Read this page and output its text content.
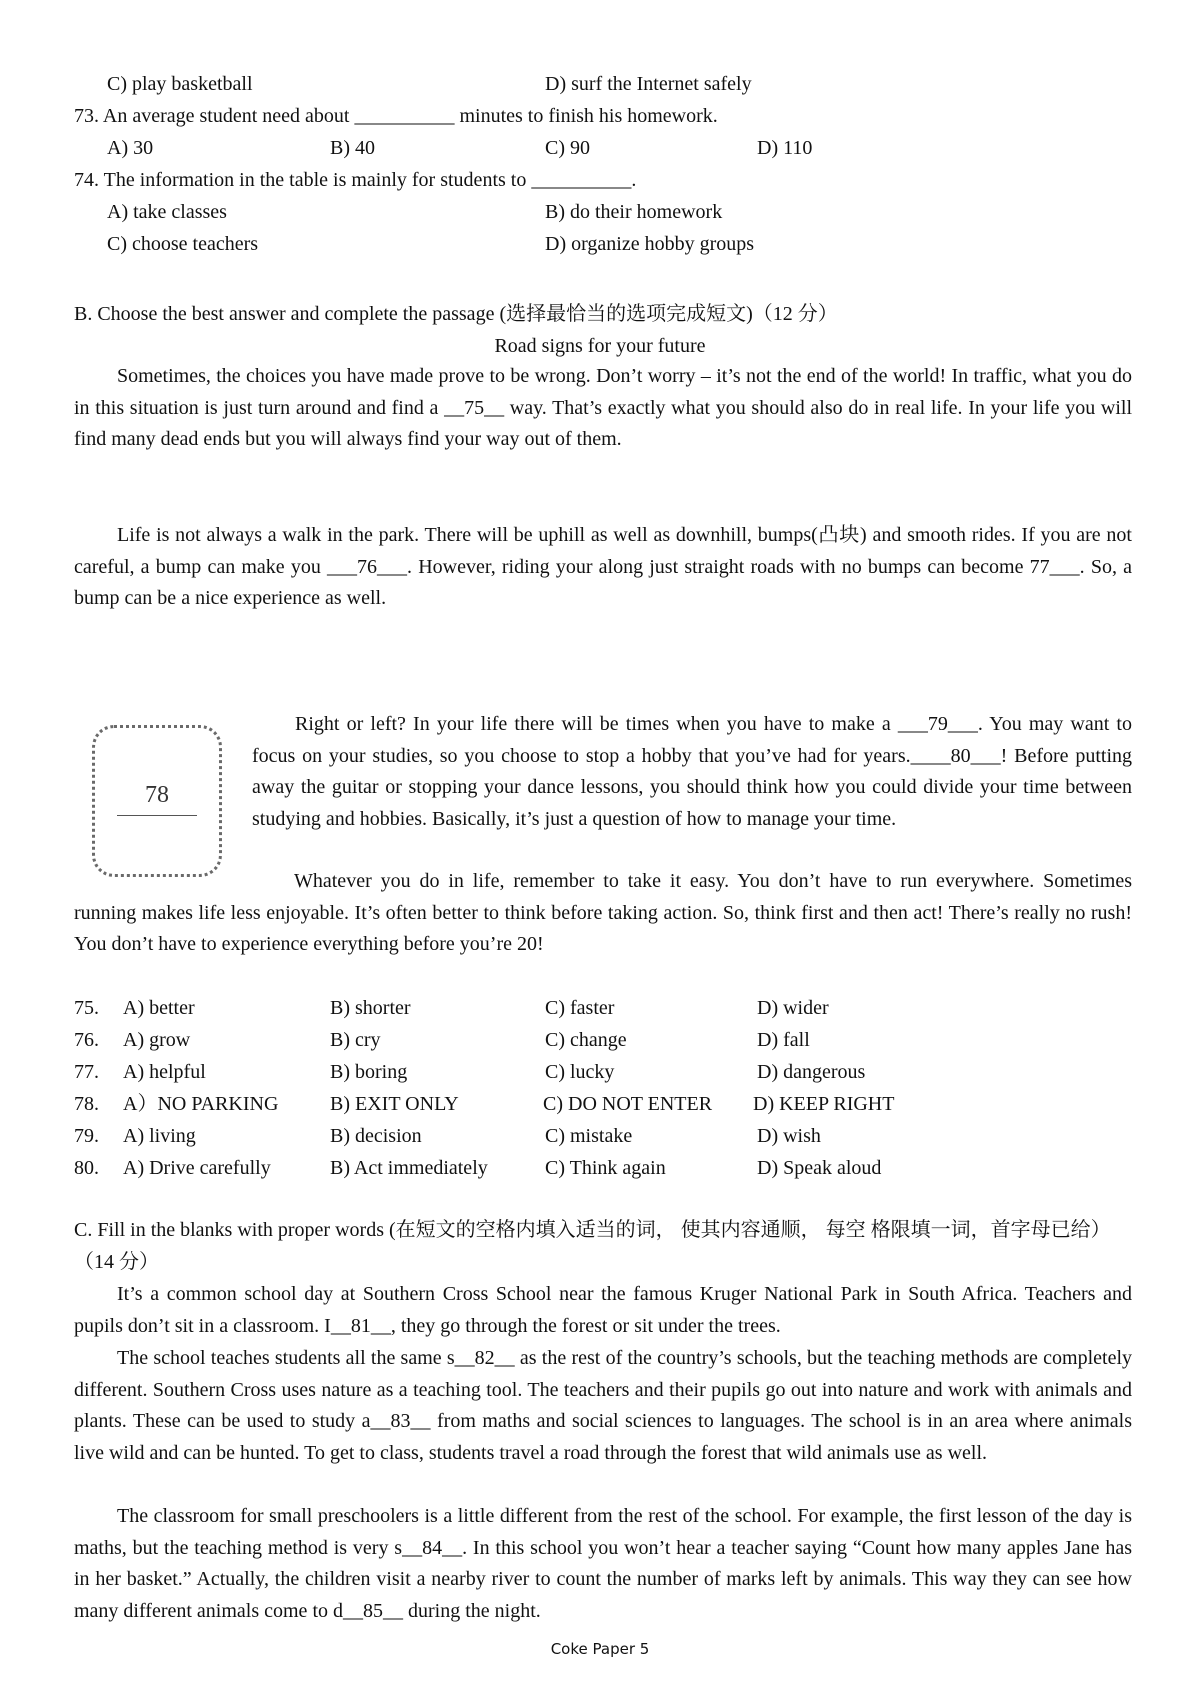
C) play basketball	D) surf the Internet safely
73. An average student need about __________ minutes to finish his homework.
A) 30	B) 40	C) 90	D) 110
74. The information in the table is mainly for students to __________.
A) take classes	B) do their homework
C) choose teachers	D) organize hobby groups
B. Choose the best answer and complete the passage (选择最恰当的选项完成短文)（12 分）
Road signs for your future
Sometimes, the choices you have made prove to be wrong. Don’t worry – it’s not the end of the world! In traffic, what you do in this situation is just turn around and find a __75__ way. That’s exactly what you should also do in real life. In your life you will find many dead ends but you will always find your way out of them.
Life is not always a walk in the park. There will be uphill as well as downhill, bumps(凸块) and smooth rides. If you are not careful, a bump can make you ___76___. However, riding your along just straight roads with no bumps can become 77___. So, a bump can be a nice experience as well.
78
Right or left? In your life there will be times when you have to make a ___79___. You may want to focus on your studies, so you choose to stop a hobby that you’ve had for years.____80___! Before putting away the guitar or stopping your dance lessons, you should think how you could divide your time between studying and hobbies. Basically, it’s just a question of how to manage your time.
Whatever you do in life, remember to take it easy. You don’t have to run everywhere. Sometimes running makes life less enjoyable. It’s often better to think before taking action. So, think first and then act! There’s really no rush! You don’t have to experience everything before you’re 20!
75. A) better	B) shorter	C) faster	D) wider
76. A) grow	B) cry	C) change	D) fall
77. A) helpful	B) boring	C) lucky	D) dangerous
78. A）NO PARKING	B) EXIT ONLY	C) DO NOT ENTER D) KEEP RIGHT
79. A) living	B) decision	C) mistake	D) wish
80. A) Drive carefully	B) Act immediately	C) Think again	D) Speak aloud
C. Fill in the blanks with proper words (在短文的空格内填入适当的词， 使其内容通顺， 每空 格限填一词，首字母已给） （14 分）
It’s a common school day at Southern Cross School near the famous Kruger National Park in South Africa. Teachers and pupils don’t sit in a classroom. I__81__, they go through the forest or sit under the trees.
The school teaches students all the same s__82__ as the rest of the country’s schools, but the teaching methods are completely different. Southern Cross uses nature as a teaching tool. The teachers and their pupils go out into nature and work with animals and plants. These can be used to study a__83__ from maths and social sciences to languages. The school is in an area where animals live wild and can be hunted. To get to class, students travel a road through the forest that wild animals use as well.
The classroom for small preschoolers is a little different from the rest of the school. For example, the first lesson of the day is maths, but the teaching method is very s__84__. In this school you won’t hear a teacher saying “Count how many apples Jane has in her basket.” Actually, the children visit a nearby river to count the number of marks left by animals. This way they can see how many different animals come to d__85__ during the night.
Coke Paper 5
